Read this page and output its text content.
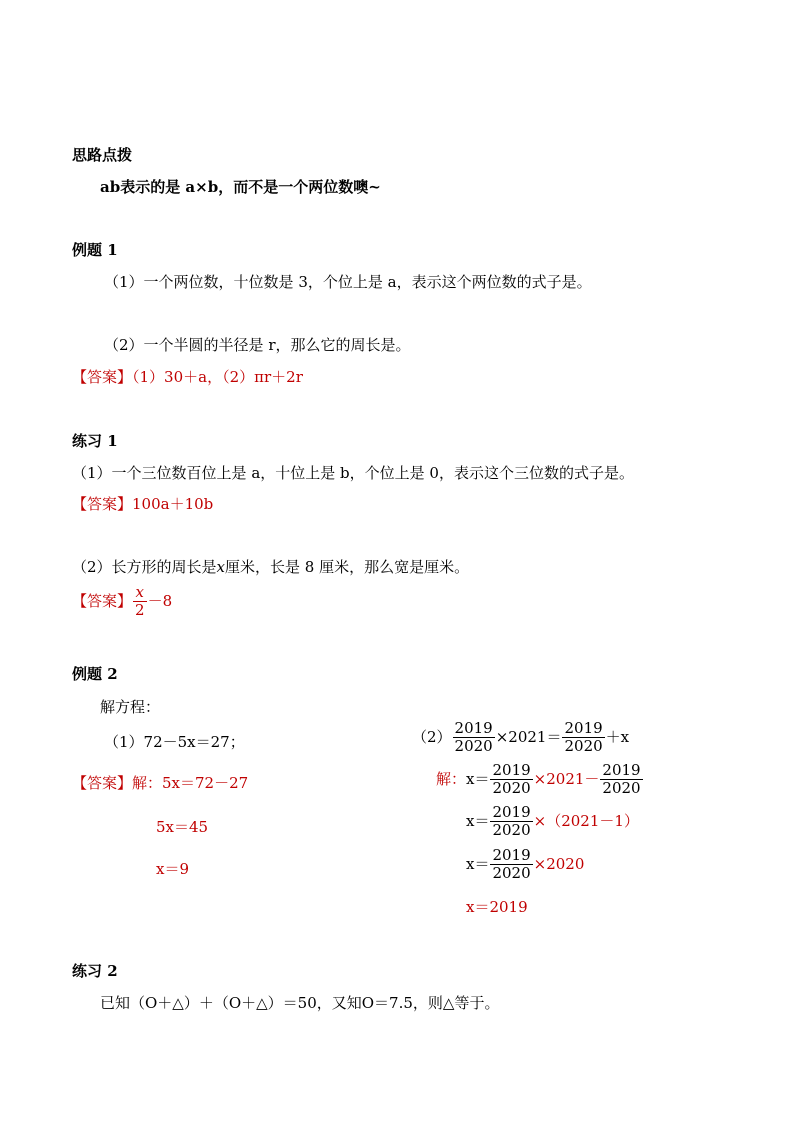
思路点拨
ab表示的是 a×b，而不是一个两位数噢~
例题 1
（1）一个两位数，十位数是 3，个位上是 a，表示这个两位数的式子是。
（2）一个半圆的半径是 r，那么它的周长是。
【答案】（1）30＋a，（2）πr＋2r
练习 1
（1）一个三位数百位上是 a，十位上是 b，个位上是 0，表示这个三位数的式子是。
【答案】100a＋10b
（2）长方形的周长是x厘米，长是 8 厘米，那么宽是厘米。
【答案】 $\frac{x}{2} -8$
例题 2
解方程：
（1）72－5x＝27；	$(2) \frac{2019}{2020} \times 2021= \frac{2019}{2020} +x$
【答案】解：5x＝72－27
5x＝45
x＝9
解：$x= \frac{2019}{2020} \times 2021- \frac{2019}{2020}$
$x= \frac{2019}{2020} \times(2021-1)$
$x= \frac{2019}{2020} \times 2020$
x＝2019
练习 2
已知（O＋△）＋（O＋△）＝50，又知O＝7.5，则△等于。
